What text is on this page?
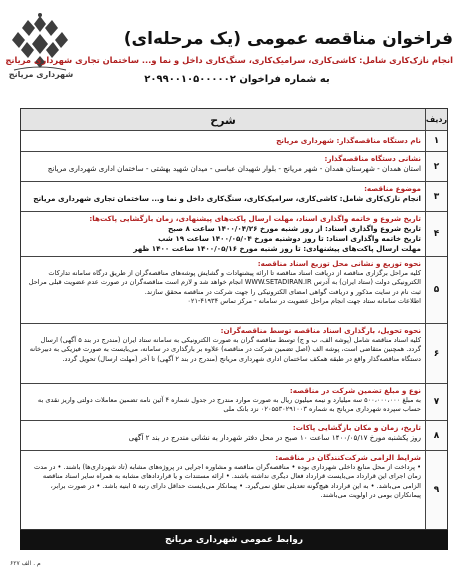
شهرداری مریانج
فراخوان مناقصه عمومی (یک مرحله‌ای)
انجام نازک‌کاری شامل: کاشی‌کاری، سرامیک‌کاری، سنگ‌کاری داخل و نما و... ساختمان تجاری شهرداری مریانج
به شماره فراخوان ۲۰۹۹۰۰۱۰۵۰۰۰۰۰۲
ردیف
شرح
۱
نام دستگاه مناقصه‌گذار: شهرداری مریانج
۲
نشانی دستگاه مناقصه‌گذار:
استان همدان - شهرستان همدان - شهر مریانج - بلوار شهیدان عباسی - میدان شهید بهشتی - ساختمان اداری شهرداری مریانج
۳
موضوع مناقصه:
انجام نازک‌کاری شامل: کاشی‌کاری، سرامیک‌کاری، سنگ‌کاری داخل و نما و... ساختمان تجاری شهرداری مریانج
۴
تاریخ شروع و خاتمه واگذاری اسناد، مهلت ارسال پاکت‌های پیشنهادی، زمان بازگشایی پاکت‌ها:
تاریخ شروع واگذاری اسناد: از روز شنبه مورخ ۱۴۰۰/۰۴/۲۶ ساعت ۸ صبح
تاریخ خاتمه واگذاری اسناد: تا روز دوشنبه مورخ ۱۴۰۰/۰۵/۰۴ ساعت ۱۹ شب
مهلت ارسال پاکت‌های پیشنهادی: تا روز شنبه مورخ ۱۴۰۰/۰۵/۱۶ ساعت ۱۴۰۰ ظهر
۵
نحوه توزیع و نشانی محل توزیع اسناد مناقصه:
کلیه مراحل برگزاری مناقصه از دریافت اسناد مناقصه تا ارائه پیشنهادات و گشایش پوشه‌های مناقصه‌گران از طریق درگاه سامانه تدارکات الکترونیکی دولت (ستاد ایران) به آدرس WWW.SETADIRAN.IR انجام خواهد شد و لازم است مناقصه‌گران در صورت عدم عضویت قبلی مراحل ثبت نام در سایت مذکور و دریافت گواهی امضای الکترونیکی را جهت شرکت در مناقصه محقق سازند.
اطلاعات سامانه ستاد جهت انجام مراحل عضویت در سامانه - مرکز تماس ۴۱۹۳۴-۰۲۱
۶
نحوه تحویل، بارگذاری اسناد مناقصه توسط مناقصه‌گران:
کلیه اسناد مناقصه شامل (پوشه الف، ب و ج) توسط مناقصه گران به صورت الکترونیکی به سامانه ستاد ایران (مندرج در بند ۵ آگهی) ارسال گردد. همچنین متقاضی است، پوشه الف (اصل تضمین شرکت در مناقصه) علاوه بر بارگذاری در سامانه، می‌بایست به صورت فیزیکی به دبیرخانه دستگاه مناقصه‌گذار واقع در طبقه همکف ساختمان اداری شهرداری مریانج (مندرج در بند ۲ آگهی) تا آخر (مهلت ارسال) تحویل گردد.
۷
نوع و مبلغ تضمین شرکت در مناقصه:
به مبلغ ۵۰۰،۰۰۰،۰۰۰ سه میلیارد و نیمه میلیون ریال به صورت موارد مندرج در جدول شماره ۴ آئین نامه تضمین معاملات دولتی واریز نقدی به حساب سپرده شهرداری مریانج به شماره ۰۲۰۵۵۳۰۲۹۱۰۰۳ نزد بانک ملی
۸
تاریخ، زمان و مکان بازگشایی پاکات:
روز یکشنبه مورخ ۱۴۰۰/۰۵/۱۷ ساعت ۱۰ صبح در محل دفتر شهردار به نشانی مندرج در بند ۲ آگهی
۹
شرایط الزامی شرکت‌کنندگان در مناقصه:
• پرداخت از محل منابع داخلی شهرداری بوده • مناقصه‌گران مناقصه و مشاوره اجرایی در پروژه‌های مشابه (تاد شهرداری‌ها) باشند. • در مدت زمان اجرای این قرارداد می‌بایست قرارداد فعال دیگری نداشته باشند. • ارائه مستندات و یا قراردادهای مشابه به همراه سایر اسناد مناقصه الزامی می‌باشد. • به این قرارداد هیچ‌گونه تعدیلی تعلق نمی‌گیرد. • پیمانکار می‌بایست حداقل دارای رتبه ۵ ابنیه باشد. • در صورت برابر، پیمانکاران بومی در اولویت می‌باشند.
روابط عمومی شهرداری مریانج
م . الف ۶۲۷
